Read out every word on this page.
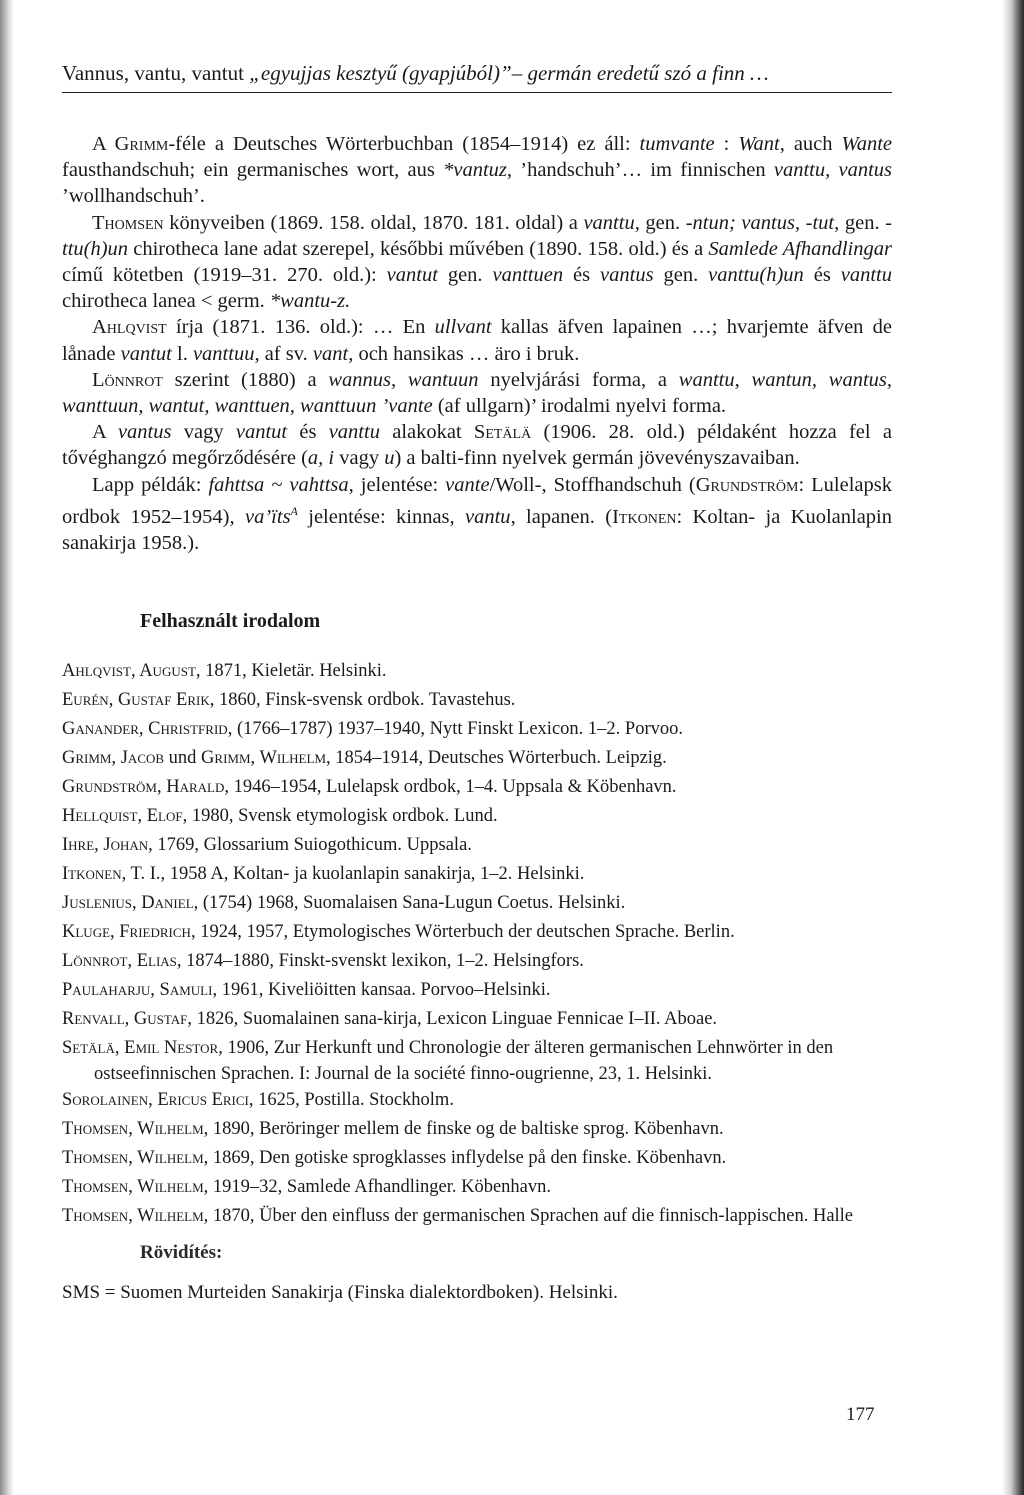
Vannus, vantu, vantut „egyujjas kesztyű (gyapjúból)”– germán eredetű szó a finn …

A Grimm-féle a Deutsches Wörterbuchban (1854–1914) ez áll: tumvante : Want, auch Wante fausthandschuh; ein germanisches wort, aus *vantuz, ’handschuh’… im finnischen vanttu, vantus ’wollhandschuh’.

Thomsen könyveiben (1869. 158. oldal, 1870. 181. oldal) a vanttu, gen. -ntun; vantus, -tut, gen. -ttu(h)un chirotheca lane adat szerepel, későbbi művében (1890. 158. old.) és a Samlede Afhandlingar című kötetben (1919–31. 270. old.): vantut gen. vanttuen és vantus gen. vanttu(h)un és vanttu chirotheca lanea < germ. *wantu-z.

Ahlqvist írja (1871. 136. old.): … En ullvant kallas äfven lapainen …; hvarjemte äfven de lånade vantut l. vanttuu, af sv. vant, och hansikas … äro i bruk.

Lönnrot szerint (1880) a wannus, wantuun nyelvjárási forma, a wanttu, wantun, wantus, wanttuun, wantut, wanttuen, wanttuun ’vante (af ullgarn)’ irodalmi nyelvi forma.

A vantus vagy vantut és vanttu alakokat Setälä (1906. 28. old.) példaként hozza fel a tővéghangzó megőrződésére (a, i vagy u) a balti-finn nyelvek germán jövevényszavaiban.

Lapp példák: fahttsa ~ vahttsa, jelentése: vante/Woll-, Stoffhandschuh (Grundström: Lulelapsk ordbok 1952–1954), va’ïts$^A$ jelentése: kinnas, vantu, lapanen. (Itkonen: Koltan- ja Kuolanlapin sanakirja 1958.).

Felhasznált irodalom

Ahlqvist, August, 1871, Kieletär. Helsinki.

Eurén, Gustaf Erik, 1860, Finsk-svensk ordbok. Tavastehus.

Ganander, Christfrid, (1766–1787) 1937–1940, Nytt Finskt Lexicon. 1–2. Porvoo.

Grimm, Jacob und Grimm, Wilhelm, 1854–1914, Deutsches Wörterbuch. Leipzig.

Grundström, Harald, 1946–1954, Lulelapsk ordbok, 1–4. Uppsala & Köbenhavn.

Hellquist, Elof, 1980, Svensk etymologisk ordbok. Lund.

Ihre, Johan, 1769, Glossarium Suiogothicum. Uppsala.

Itkonen, T. I., 1958 A, Koltan- ja kuolanlapin sanakirja, 1–2. Helsinki.

Juslenius, Daniel, (1754) 1968, Suomalaisen Sana-Lugun Coetus. Helsinki.

Kluge, Friedrich, 1924, 1957, Etymologisches Wörterbuch der deutschen Sprache. Berlin.

Lönnrot, Elias, 1874–1880, Finskt-svenskt lexikon, 1–2. Helsingfors.

Paulaharju, Samuli, 1961, Kiveliöitten kansaa. Porvoo–Helsinki.

Renvall, Gustaf, 1826, Suomalainen sana-kirja, Lexicon Linguae Fennicae I–II. Aboae.

Setälä, Emil Nestor, 1906, Zur Herkunft und Chronologie der älteren germanischen Lehnwörter in den ostseefinnischen Sprachen. I: Journal de la société finno-ougrienne, 23, 1. Helsinki.

Sorolainen, Ericus Erici, 1625, Postilla. Stockholm.

Thomsen, Wilhelm, 1890, Beröringer mellem de finske og de baltiske sprog. Köbenhavn.

Thomsen, Wilhelm, 1869, Den gotiske sprogklasses inflydelse på den finske. Köbenhavn.

Thomsen, Wilhelm, 1919–32, Samlede Afhandlinger. Köbenhavn.

Thomsen, Wilhelm, 1870, Über den einfluss der germanischen Sprachen auf die finnisch-lappischen. Halle

Rövidítés:
SMS = Suomen Murteiden Sanakirja (Finska dialektordboken). Helsinki.
177
